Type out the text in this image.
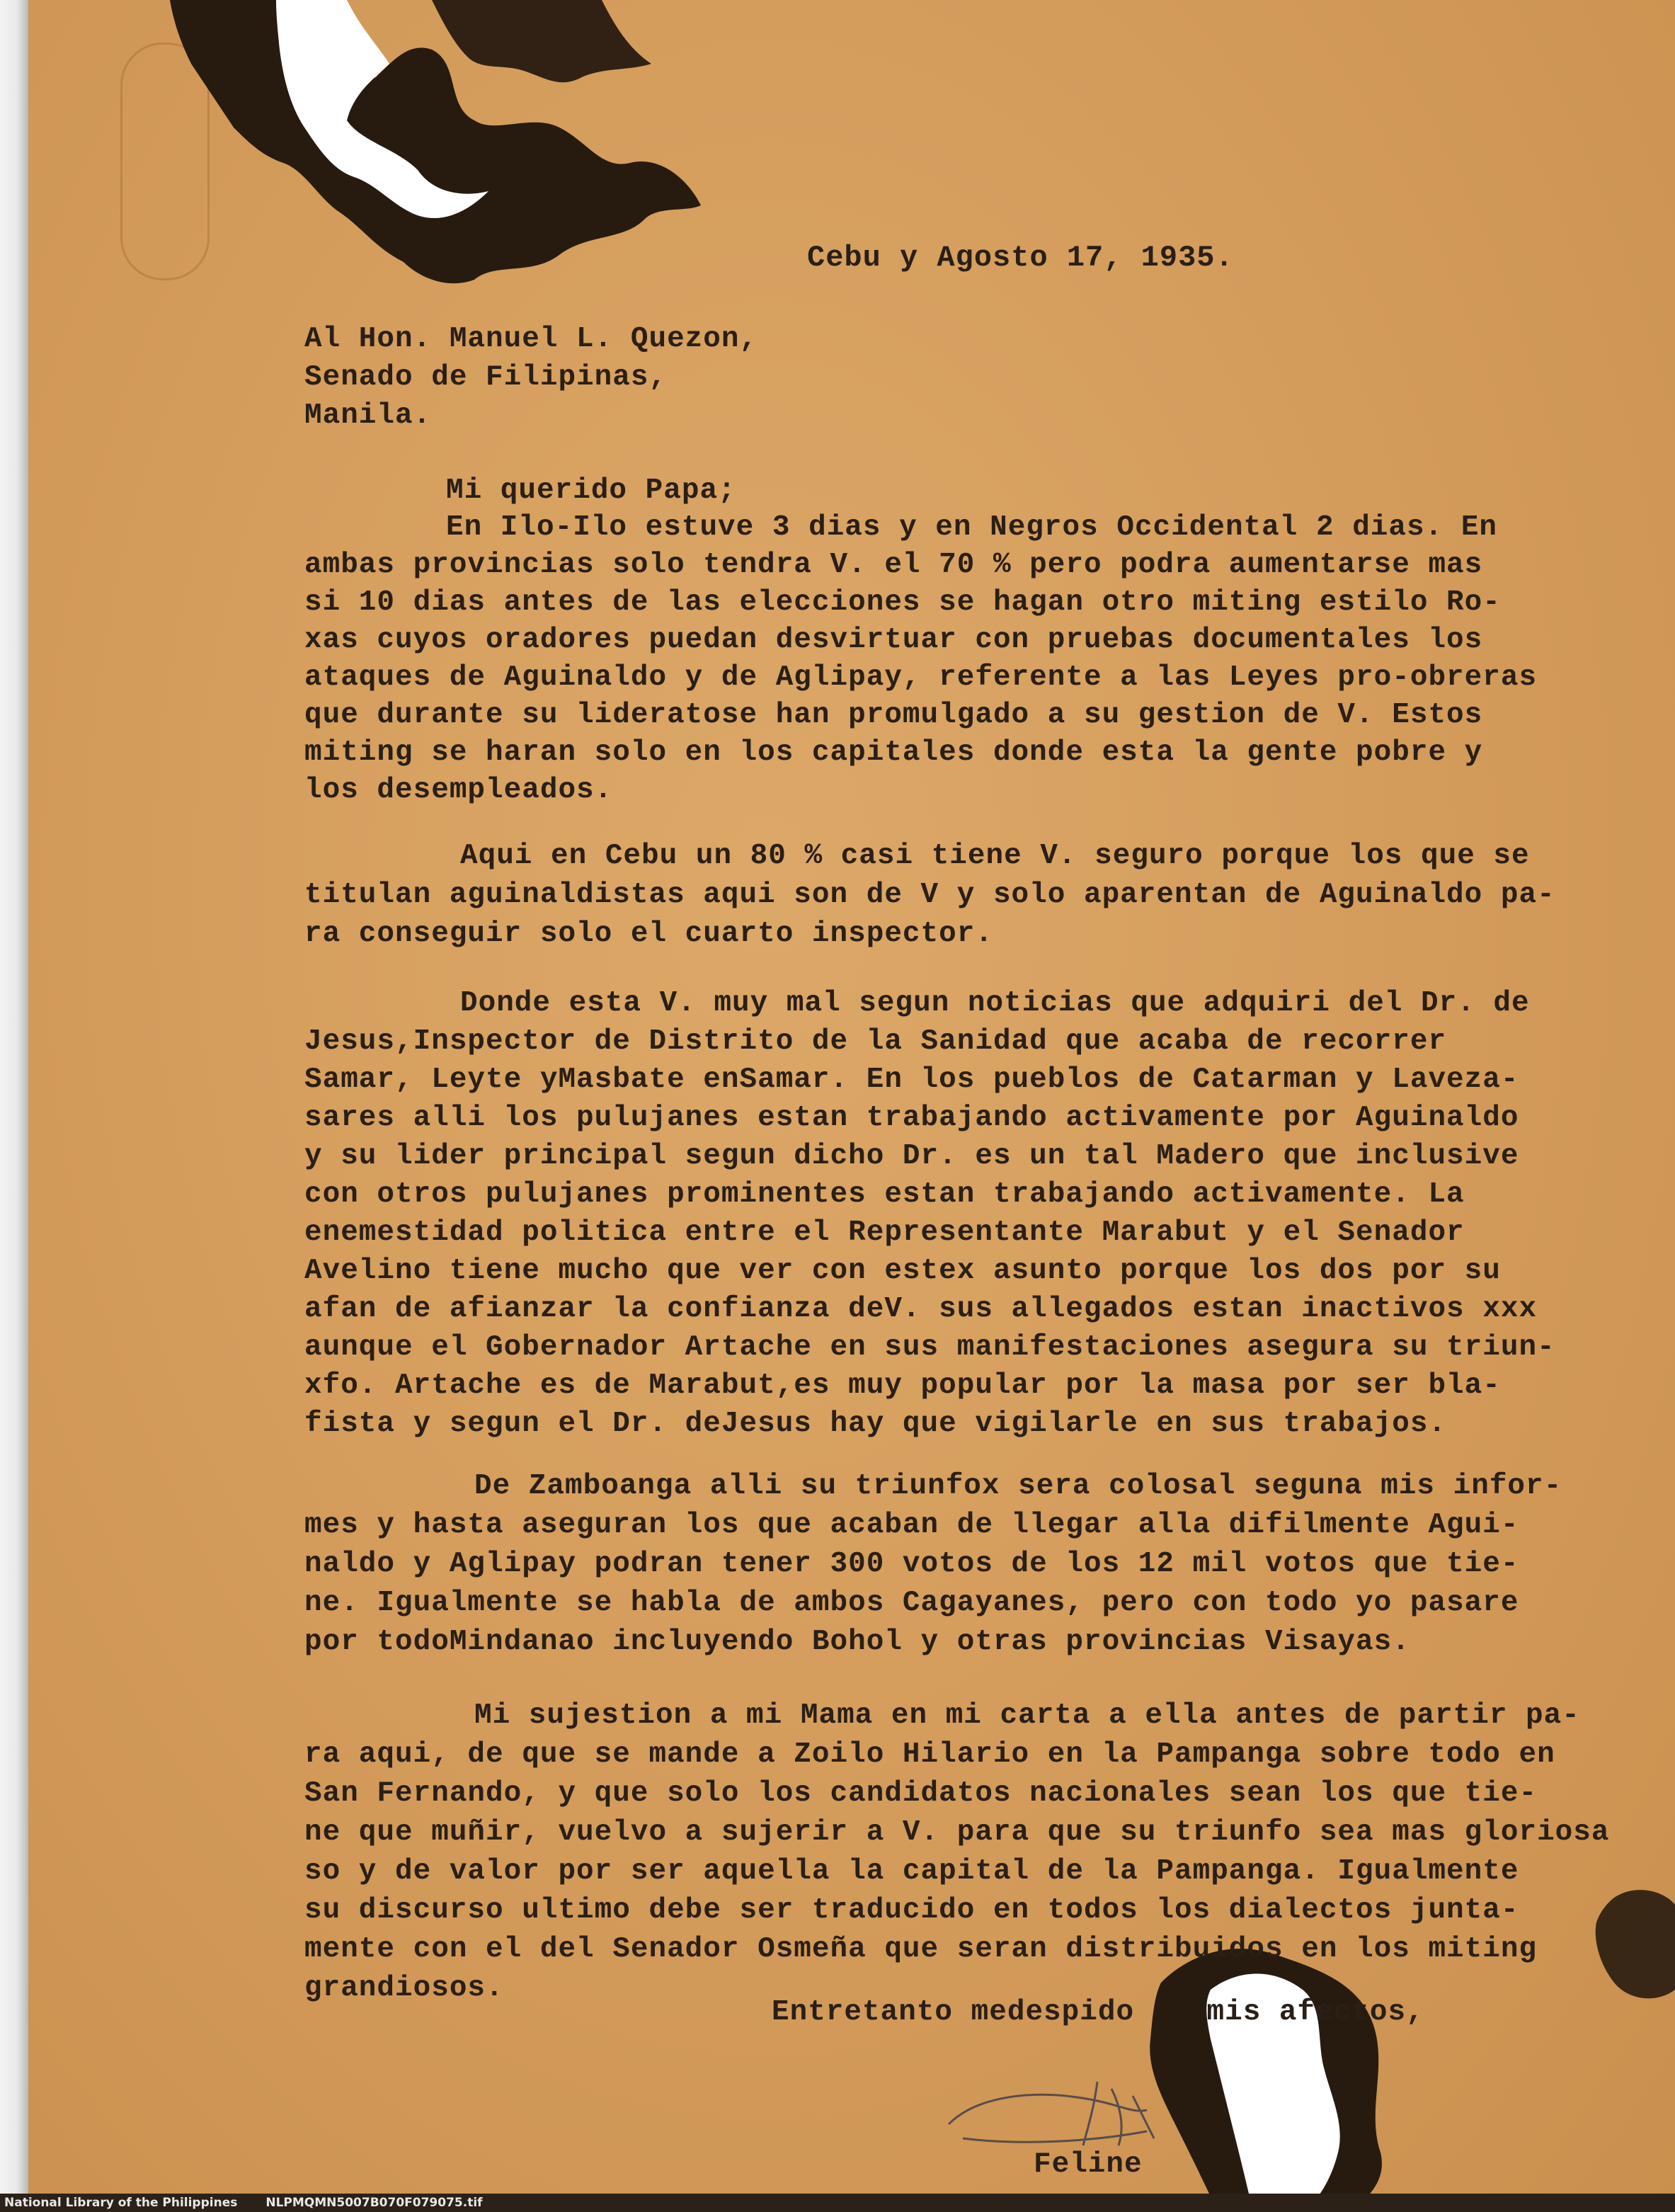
Cebu y Agosto 17, 1935.
Al Hon. Manuel L. Quezon,
Senado de Filipinas,
Manila.
Mi querido Papa;
En Ilo-Ilo estuve 3 dias y en Negros Occidental 2 dias. En
ambas provincias solo tendra V. el 70 % pero podra aumentarse mas
si 10 dias antes de las elecciones se hagan otro miting estilo Ro-
xas cuyos oradores puedan desvirtuar con pruebas documentales los
ataques de Aguinaldo y de Aglipay, referente a las Leyes pro-obreras
que durante su lideratose han promulgado a su gestion de V. Estos
miting se haran solo en los capitales donde esta la gente pobre y
los desempleados.
Aqui en Cebu un 80 % casi tiene V. seguro porque los que se
titulan aguinaldistas aqui son de V y solo aparentan de Aguinaldo pa-
ra conseguir solo el cuarto inspector.
Donde esta V. muy mal segun noticias que adquiri del Dr. de
Jesus,Inspector de Distrito de la Sanidad que acaba de recorrer
Samar, Leyte yMasbate enSamar. En los pueblos de Catarman y Laveza-
sares alli los pulujanes estan trabajando activamente por Aguinaldo
y su lider principal segun dicho Dr. es un tal Madero que inclusive
con otros pulujanes prominentes estan trabajando activamente. La
enemestidad politica entre el Representante Marabut y el Senador
Avelino tiene mucho que ver con estex asunto porque los dos por su
afan de afianzar la confianza deV. sus allegados estan inactivos xxx
aunque el Gobernador Artache en sus manifestaciones asegura su triun-
xfo. Artache es de Marabut,es muy popular por la masa por ser bla-
fista y segun el Dr. deJesus hay que vigilarle en sus trabajos.
De Zamboanga alli su triunfox sera colosal seguna mis infor-
mes y hasta aseguran los que acaban de llegar alla difilmente Agui-
naldo y Aglipay podran tener 300 votos de los 12 mil votos que tie-
ne. Igualmente se habla de ambos Cagayanes, pero con todo yo pasare
por todoMindanao incluyendo Bohol y otras provincias Visayas.
Mi sujestion a mi Mama en mi carta a ella antes de partir pa-
ra aqui, de que se mande a Zoilo Hilario en la Pampanga sobre todo en
San Fernando, y que solo los candidatos nacionales sean los que tie-
ne que muñir, vuelvo a sujerir a V. para que su triunfo sea mas gloriosa
so y de valor por ser aquella la capital de la Pampanga. Igualmente
su discurso ultimo debe ser traducido en todos los dialectos junta-
mente con el del Senador Osmeña que seran distribuidos en los miting
grandiosos.
Entretanto medespido    mis afectos,
Feline
National Library of the Philippines NLPMQMN5007B070F079075.tif
